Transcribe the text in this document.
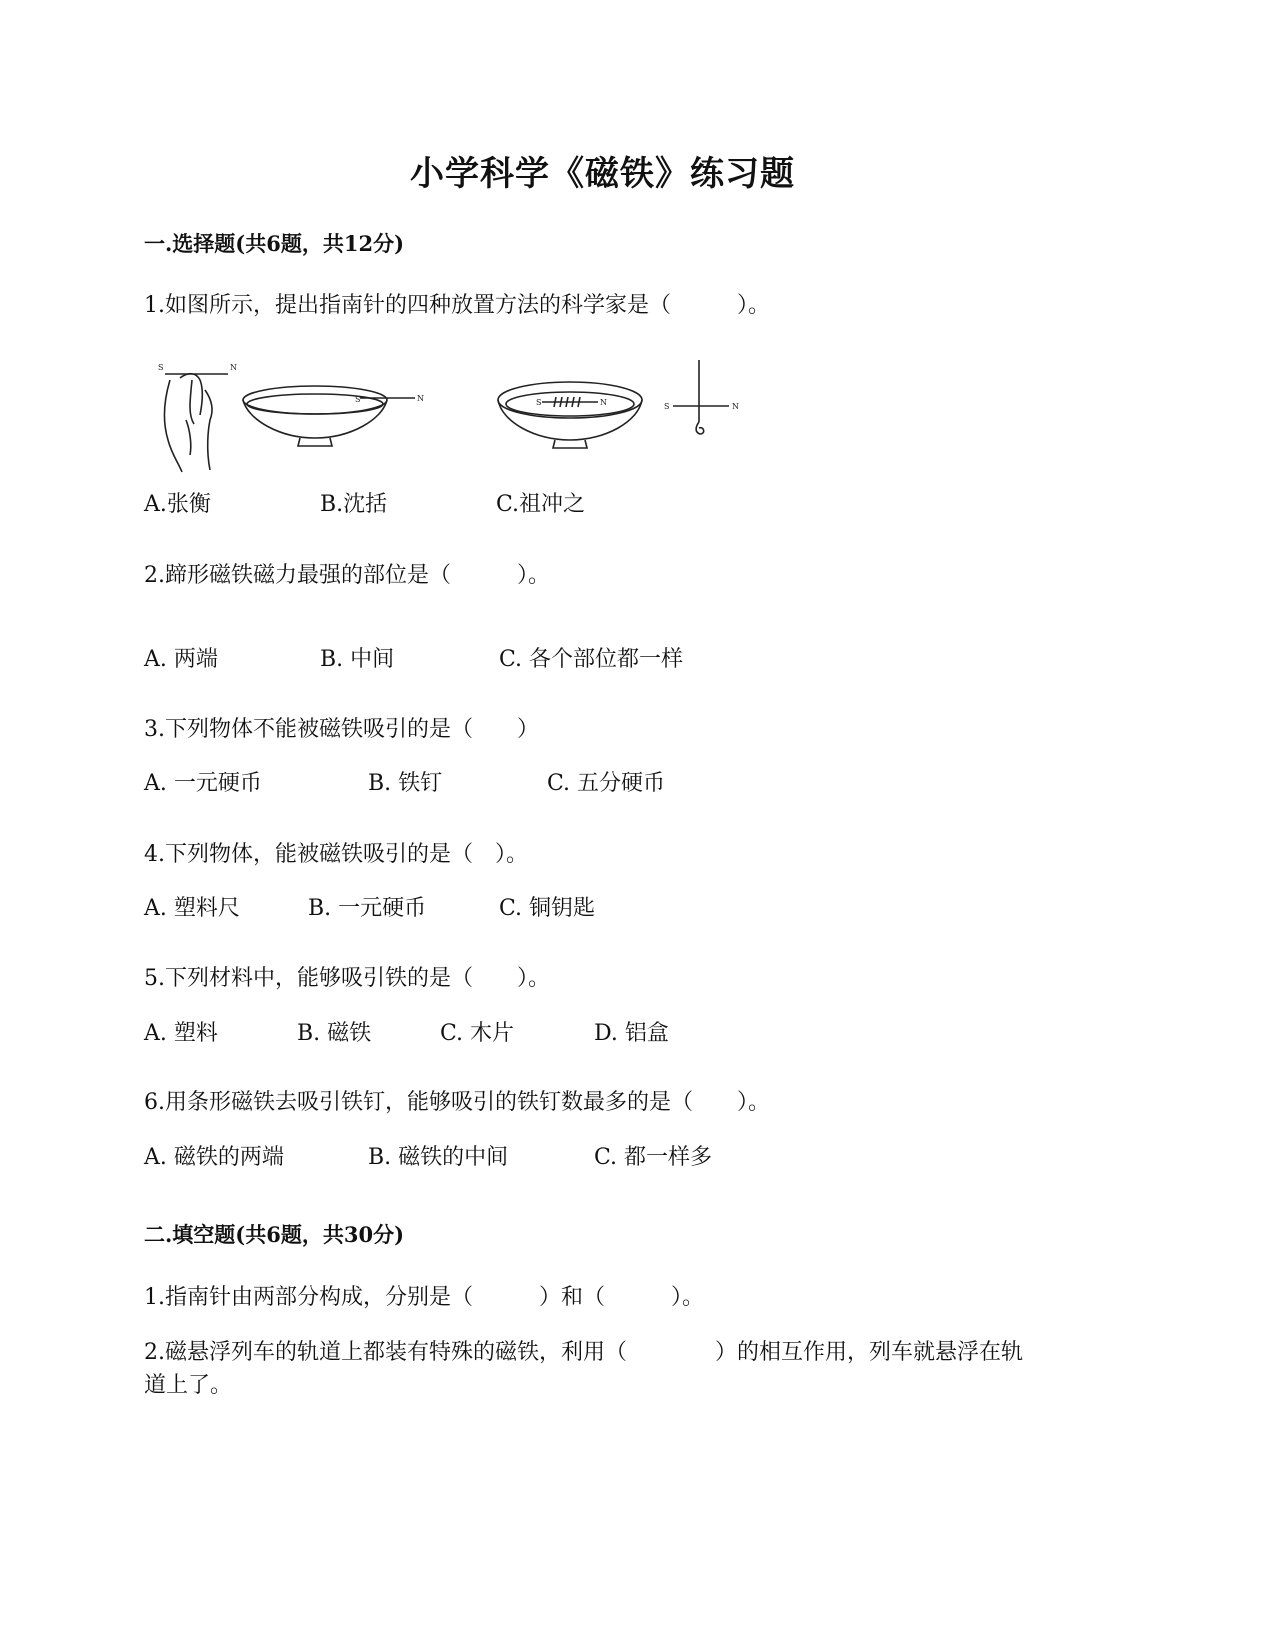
小学科学《磁铁》练习题
一.选择题(共6题，共12分)
1.如图所示，提出指南针的四种放置方法的科学家是（　　　）。
S	N
S	N	S	N	S	N
A.张衡	B.沈括	C.祖冲之
2.蹄形磁铁磁力最强的部位是（　　　）。
A. 两端	B. 中间	C. 各个部位都一样
3.下列物体不能被磁铁吸引的是（　　）
A. 一元硬币	B. 铁钉	C. 五分硬币
4.下列物体，能被磁铁吸引的是（　）。
A. 塑料尺	B. 一元硬币	C. 铜钥匙
5.下列材料中，能够吸引铁的是（　　）。
A. 塑料	B. 磁铁	C. 木片	D. 铝盒
6.用条形磁铁去吸引铁钉，能够吸引的铁钉数最多的是（　　）。
A. 磁铁的两端	B. 磁铁的中间	C. 都一样多
二.填空题(共6题，共30分)
1.指南针由两部分构成，分别是（　　　）和（　　　）。
2.磁悬浮列车的轨道上都装有特殊的磁铁，利用（　　　　）的相互作用，列车就悬浮在轨
道上了。
